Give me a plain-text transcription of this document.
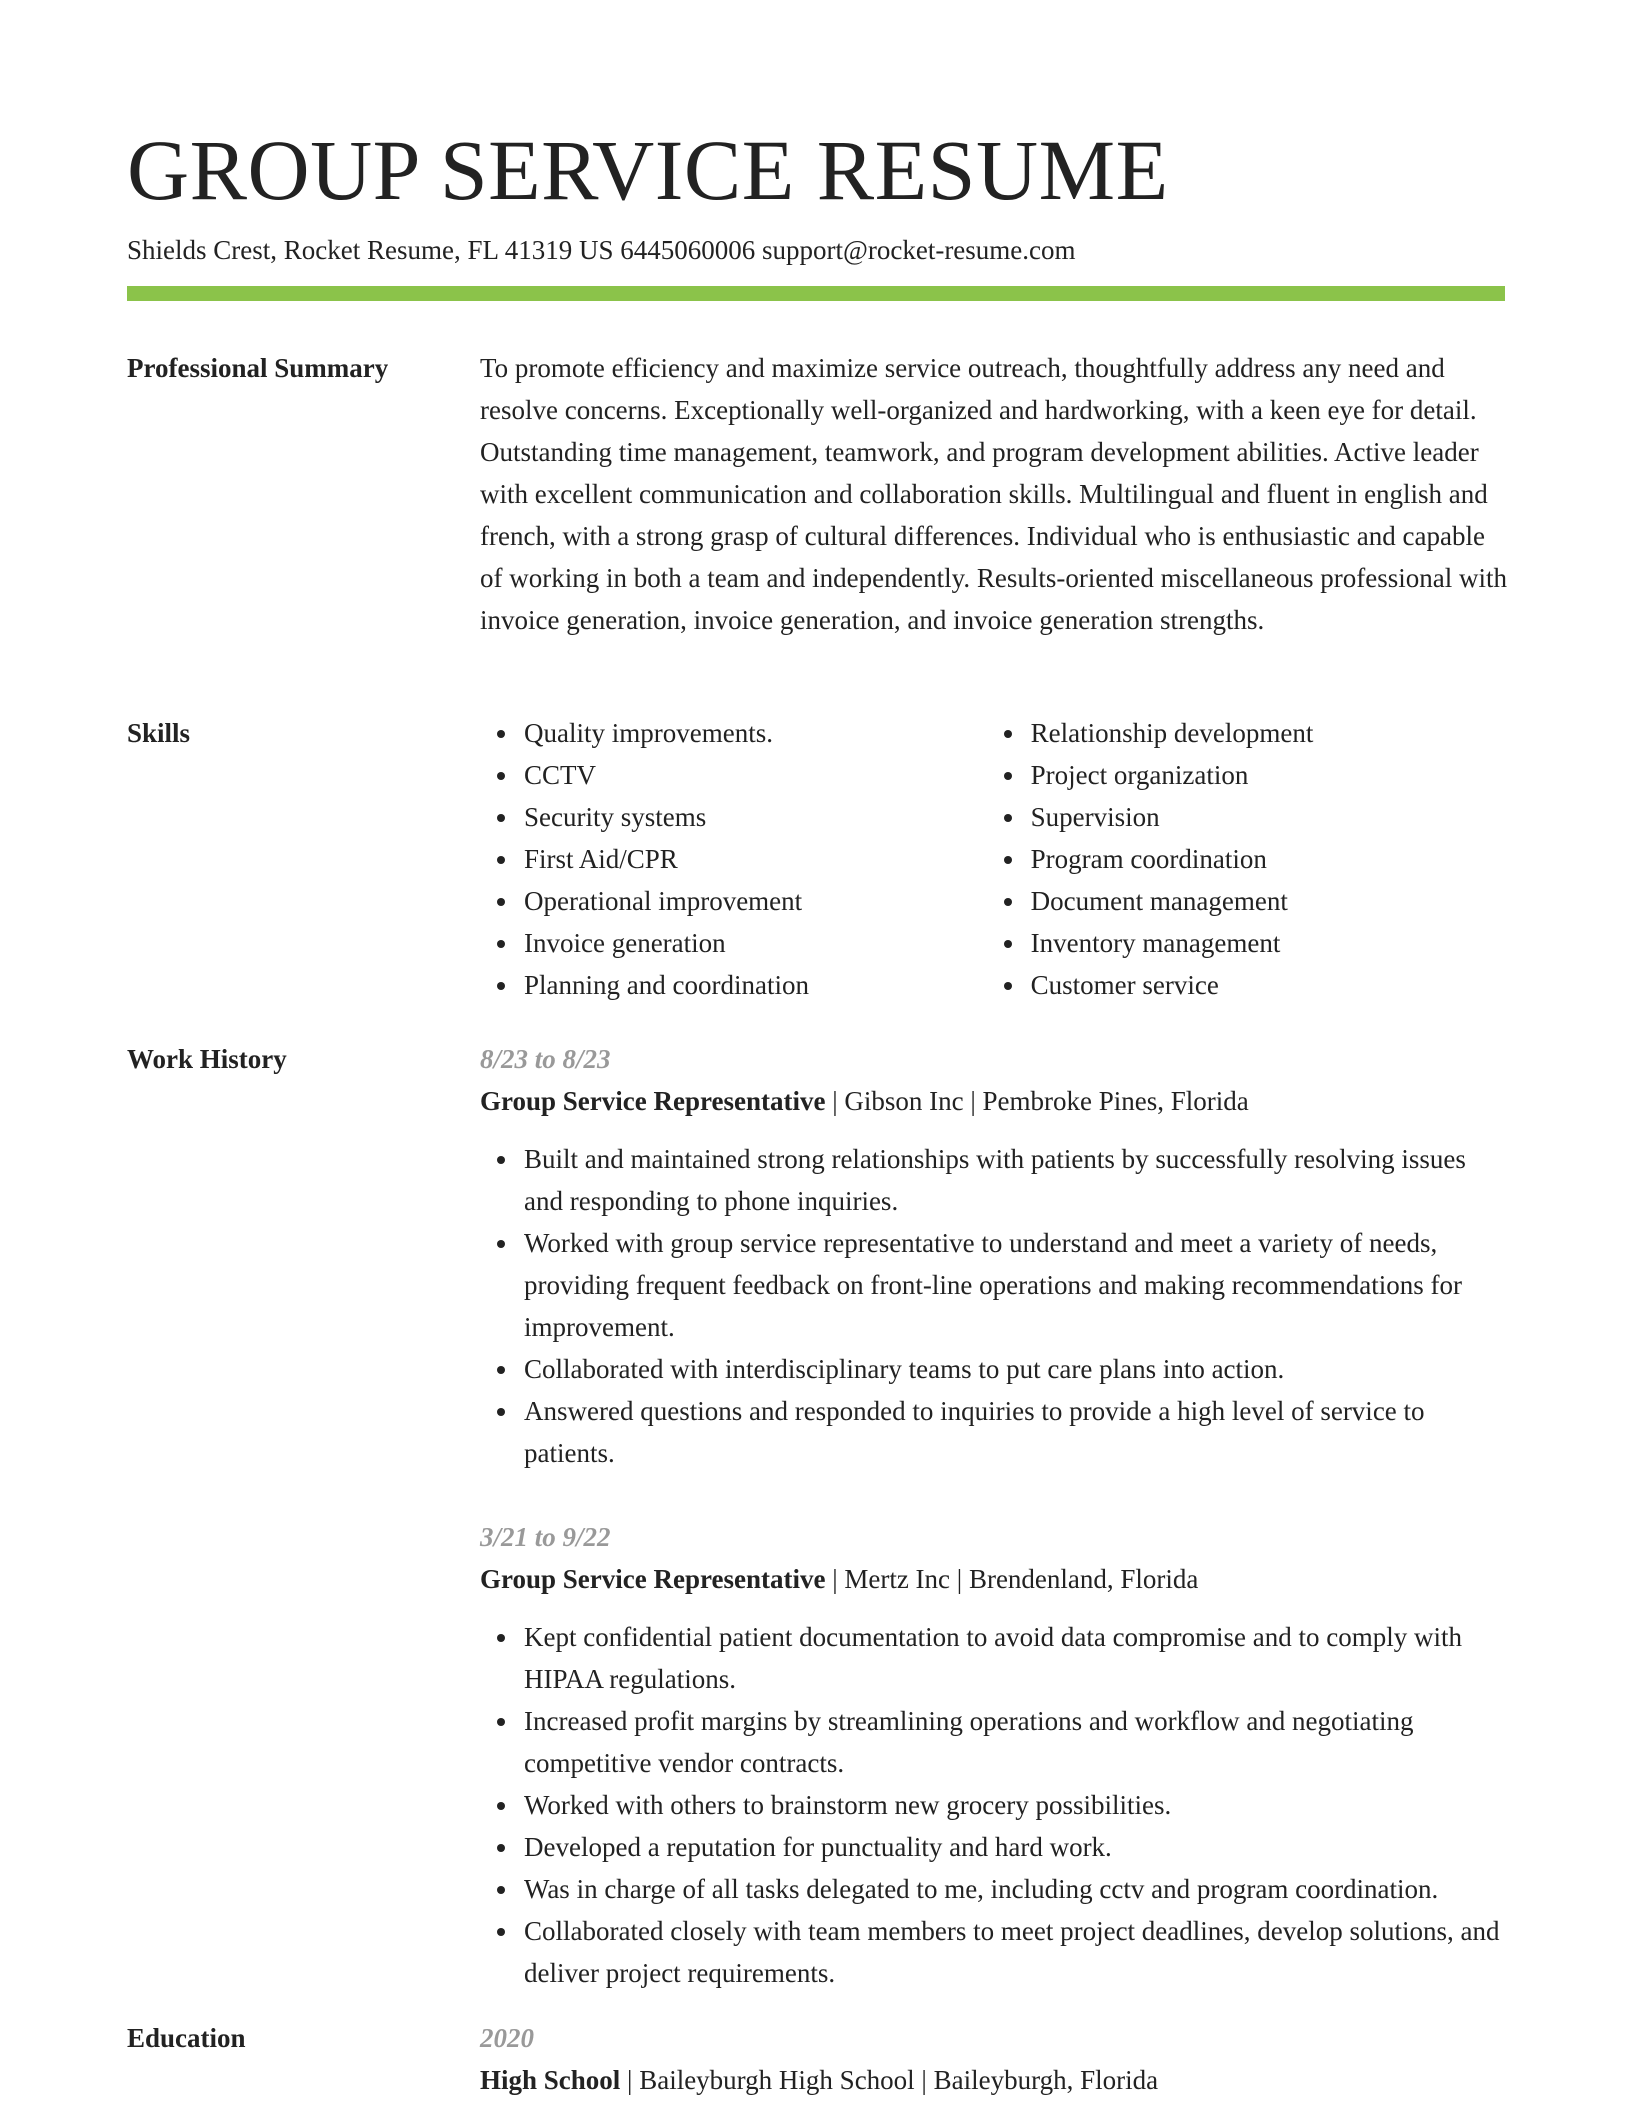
GROUP SERVICE RESUME
Shields Crest, Rocket Resume, FL 41319 US 6445060006 support@rocket-resume.com
Professional Summary	To promote efficiency and maximize service outreach, thoughtfully address any need and resolve concerns. Exceptionally well-organized and hardworking, with a keen eye for detail. Outstanding time management, teamwork, and program development abilities. Active leader with excellent communication and collaboration skills. Multilingual and fluent in english and french, with a strong grasp of cultural differences. Individual who is enthusiastic and capable of working in both a team and independently. Results-oriented miscellaneous professional with invoice generation, invoice generation, and invoice generation strengths.

Skills	Quality improvements.
CCTV
Security systems
First Aid/CPR
Operational improvement
Invoice generation
Planning and coordination
Relationship development
Project organization
Supervision
Program coordination
Document management
Inventory management
Customer service
Work History	8/23 to 8/23
Group Service Representative | Gibson Inc | Pembroke Pines, Florida
Built and maintained strong relationships with patients by successfully resolving issues and responding to phone inquiries.
Worked with group service representative to understand and meet a variety of needs, providing frequent feedback on front-line operations and making recommendations for improvement.
Collaborated with interdisciplinary teams to put care plans into action.
Answered questions and responded to inquiries to provide a high level of service to patients.
3/21 to 9/22
Group Service Representative | Mertz Inc | Brendenland, Florida
Kept confidential patient documentation to avoid data compromise and to comply with HIPAA regulations.
Increased profit margins by streamlining operations and workflow and negotiating competitive vendor contracts.
Worked with others to brainstorm new grocery possibilities.
Developed a reputation for punctuality and hard work.
Was in charge of all tasks delegated to me, including cctv and program coordination.
Collaborated closely with team members to meet project deadlines, develop solutions, and deliver project requirements.
Education	2020
High School | Baileyburgh High School | Baileyburgh, Florida
